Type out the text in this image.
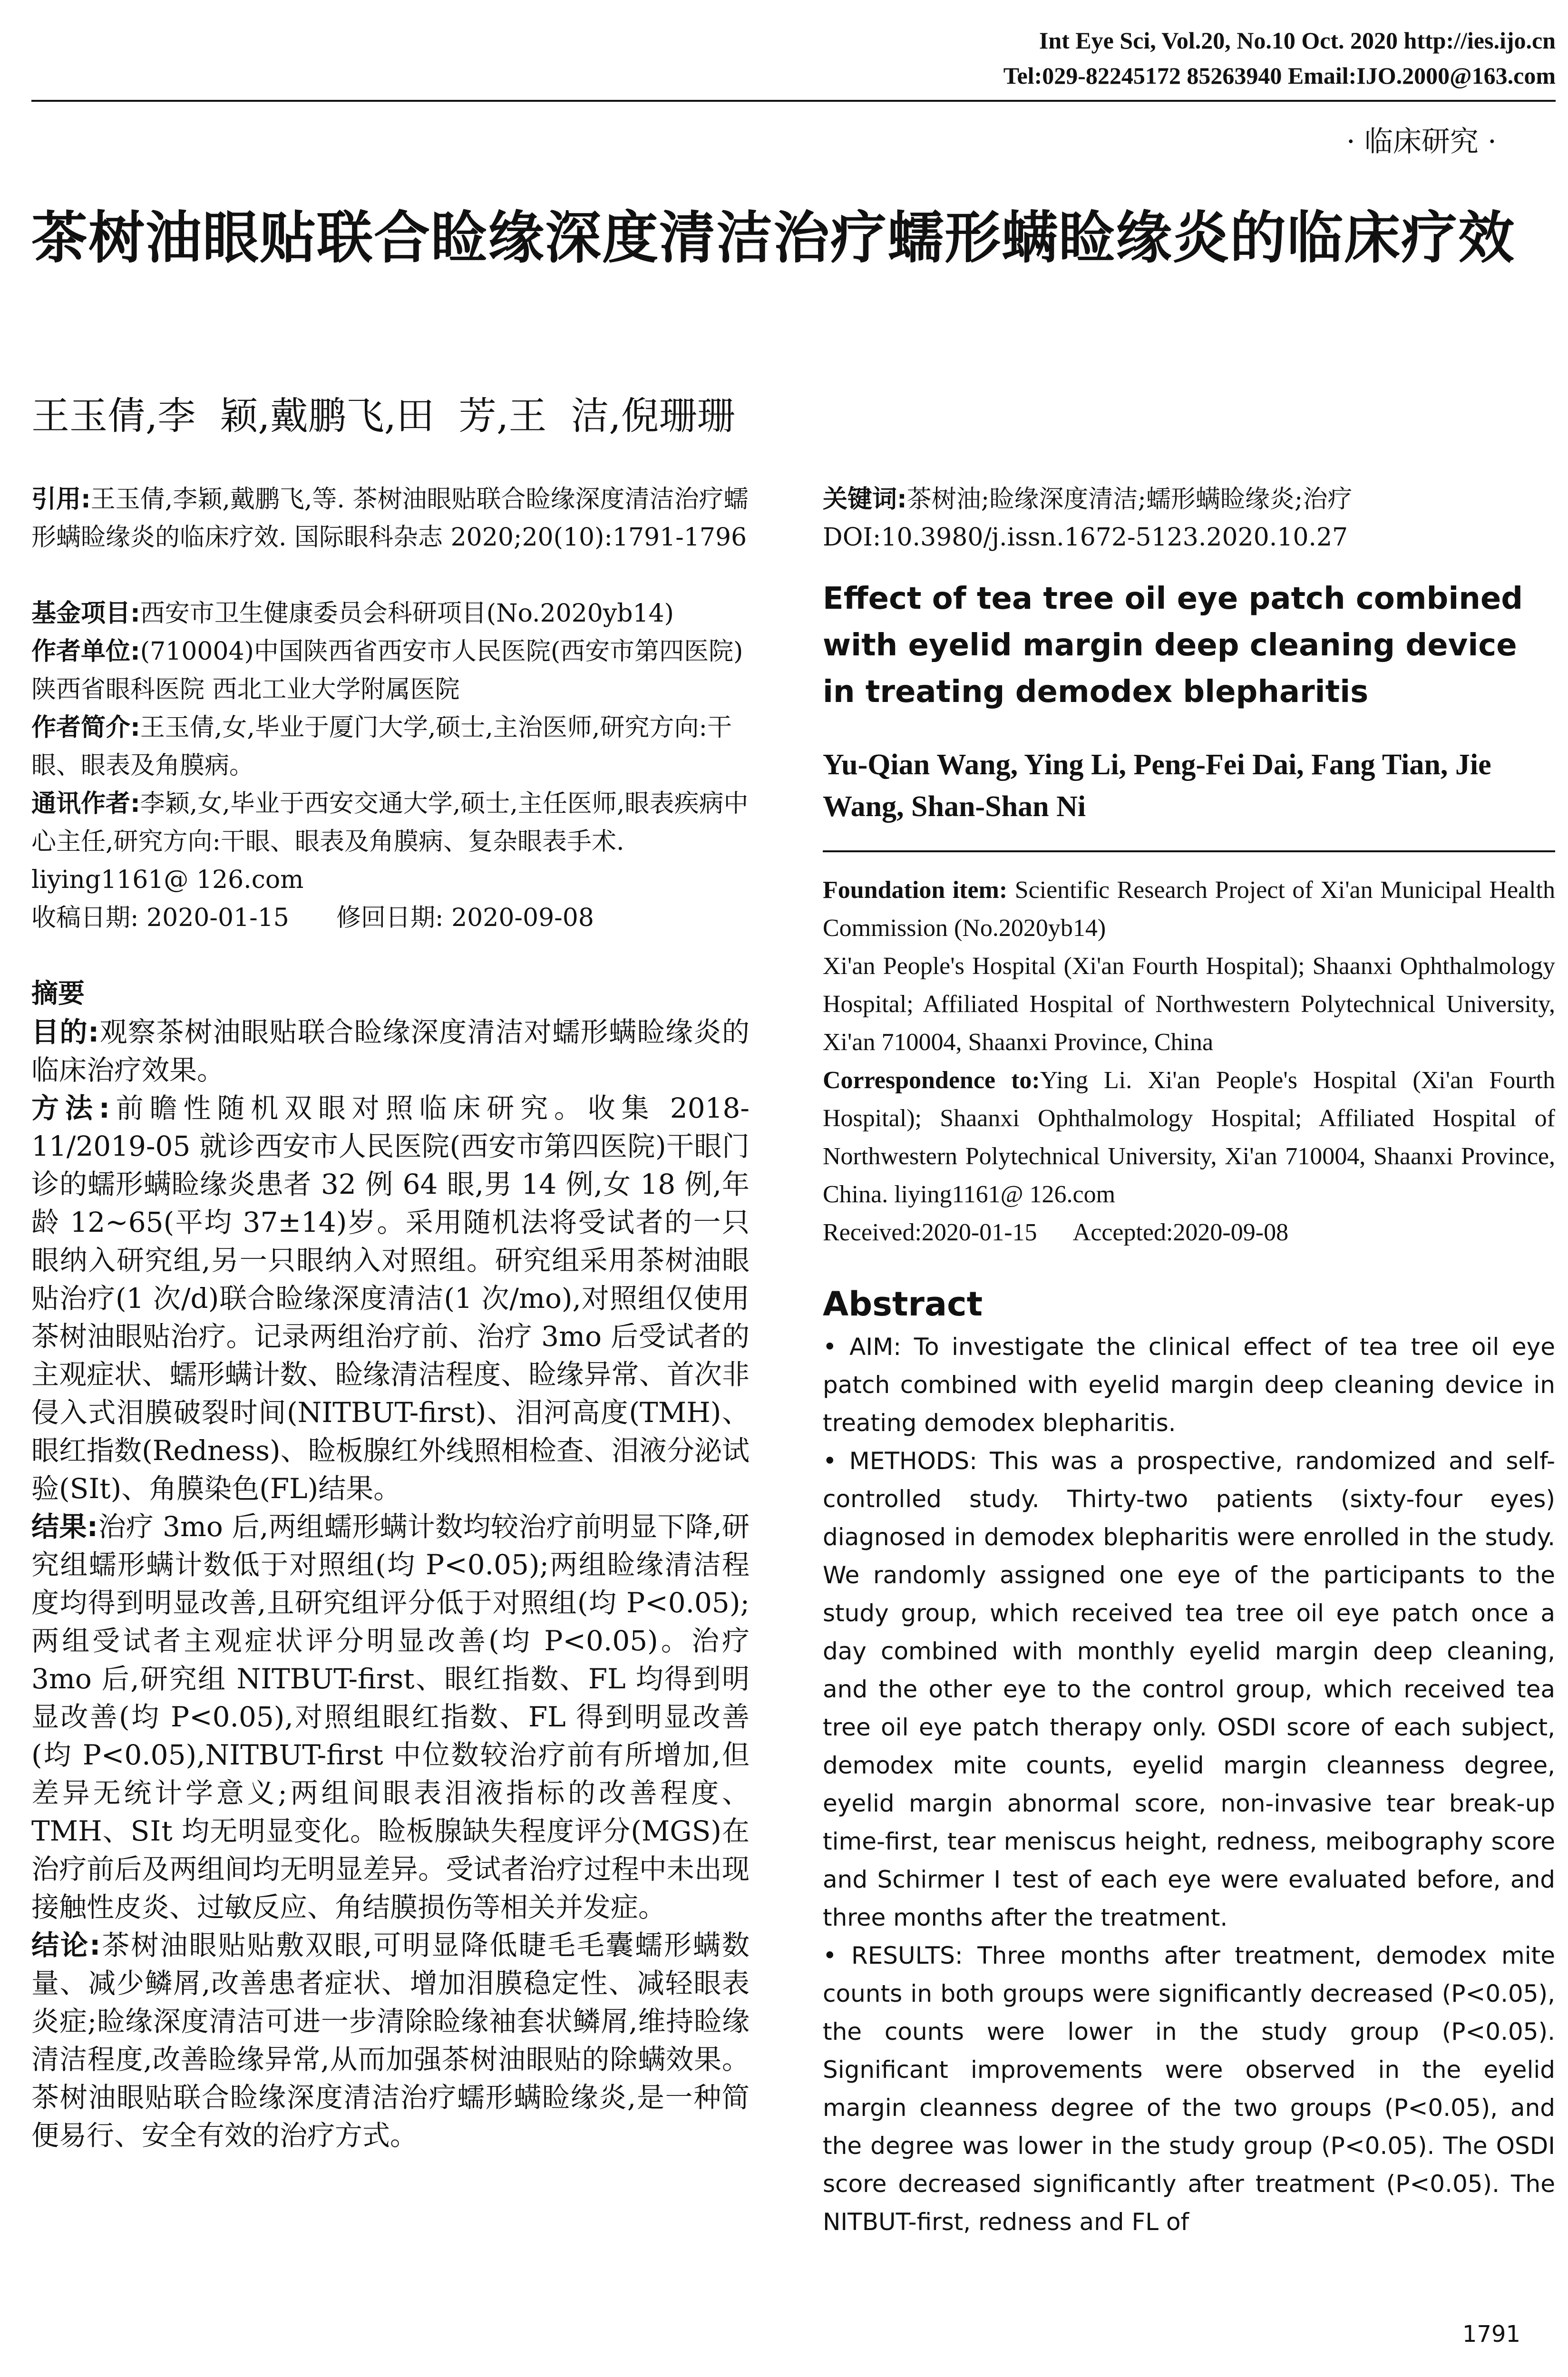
Int Eye Sci, Vol.20, No.10 Oct. 2020 http://ies.ijo.cn
Tel:029-82245172 85263940 Email:IJO.2000@163.com
· 临床研究 ·
茶树油眼贴联合睑缘深度清洁治疗蠕形螨睑缘炎的临床疗效
王玉倩,李  颖,戴鹏飞,田  芳,王  洁,倪珊珊

引用:王玉倩,李颖,戴鹏飞,等. 茶树油眼贴联合睑缘深度清洁治疗蠕形螨睑缘炎的临床疗效. 国际眼科杂志 2020;20(10):1791-1796

基金项目:西安市卫生健康委员会科研项目(No.2020yb14)

作者单位:(710004)中国陕西省西安市人民医院(西安市第四医院)陕西省眼科医院 西北工业大学附属医院

作者简介:王玉倩,女,毕业于厦门大学,硕士,主治医师,研究方向:干眼、眼表及角膜病。

通讯作者:李颖,女,毕业于西安交通大学,硕士,主任医师,眼表疾病中心主任,研究方向:干眼、眼表及角膜病、复杂眼表手术. liying1161@ 126.com

收稿日期: 2020-01-15      修回日期: 2020-09-08

摘要

目的:观察茶树油眼贴联合睑缘深度清洁对蠕形螨睑缘炎的临床治疗效果。

方法:前瞻性随机双眼对照临床研究。收集 2018-11/2019-05 就诊西安市人民医院(西安市第四医院)干眼门诊的蠕形螨睑缘炎患者 32 例 64 眼,男 14 例,女 18 例,年龄 12~65(平均 37±14)岁。采用随机法将受试者的一只眼纳入研究组,另一只眼纳入对照组。研究组采用茶树油眼贴治疗(1 次/d)联合睑缘深度清洁(1 次/mo),对照组仅使用茶树油眼贴治疗。记录两组治疗前、治疗 3mo 后受试者的主观症状、蠕形螨计数、睑缘清洁程度、睑缘异常、首次非侵入式泪膜破裂时间(NITBUT-first)、泪河高度(TMH)、眼红指数(Redness)、睑板腺红外线照相检查、泪液分泌试验(SⅠt)、角膜染色(FL)结果。

结果:治疗 3mo 后,两组蠕形螨计数均较治疗前明显下降,研究组蠕形螨计数低于对照组(均 P<0.05);两组睑缘清洁程度均得到明显改善,且研究组评分低于对照组(均 P<0.05);两组受试者主观症状评分明显改善(均 P<0.05)。治疗 3mo 后,研究组 NITBUT-first、眼红指数、FL 均得到明显改善(均 P<0.05),对照组眼红指数、FL 得到明显改善(均 P<0.05),NITBUT-first 中位数较治疗前有所增加,但差异无统计学意义;两组间眼表泪液指标的改善程度、TMH、SⅠt 均无明显变化。睑板腺缺失程度评分(MGS)在治疗前后及两组间均无明显差异。受试者治疗过程中未出现接触性皮炎、过敏反应、角结膜损伤等相关并发症。

结论:茶树油眼贴贴敷双眼,可明显降低睫毛毛囊蠕形螨数量、减少鳞屑,改善患者症状、增加泪膜稳定性、减轻眼表炎症;睑缘深度清洁可进一步清除睑缘袖套状鳞屑,维持睑缘清洁程度,改善睑缘异常,从而加强茶树油眼贴的除螨效果。茶树油眼贴联合睑缘深度清洁治疗蠕形螨睑缘炎,是一种简便易行、安全有效的治疗方式。

关键词:茶树油;睑缘深度清洁;蠕形螨睑缘炎;治疗

DOI:10.3980/j.issn.1672-5123.2020.10.27

Effect of tea tree oil eye patch combined with eyelid margin deep cleaning device in treating demodex blepharitis
Yu-Qian Wang, Ying Li, Peng-Fei Dai, Fang Tian, Jie Wang, Shan-Shan Ni

Foundation item: Scientific Research Project of Xi'an Municipal Health Commission (No.2020yb14)

Xi'an People's Hospital (Xi'an Fourth Hospital); Shaanxi Ophthalmology Hospital; Affiliated Hospital of Northwestern Polytechnical University, Xi'an 710004, Shaanxi Province, China

Correspondence to:Ying Li. Xi'an People's Hospital (Xi'an Fourth Hospital); Shaanxi Ophthalmology Hospital; Affiliated Hospital of Northwestern Polytechnical University, Xi'an 710004, Shaanxi Province, China. liying1161@ 126.com

Received:2020-01-15      Accepted:2020-09-08

Abstract

• AIM: To investigate the clinical effect of tea tree oil eye patch combined with eyelid margin deep cleaning device in treating demodex blepharitis.

• METHODS: This was a prospective, randomized and self-controlled study. Thirty-two patients (sixty-four eyes) diagnosed in demodex blepharitis were enrolled in the study. We randomly assigned one eye of the participants to the study group, which received tea tree oil eye patch once a day combined with monthly eyelid margin deep cleaning, and the other eye to the control group, which received tea tree oil eye patch therapy only. OSDI score of each subject, demodex mite counts, eyelid margin cleanness degree, eyelid margin abnormal score, non-invasive tear break-up time-first, tear meniscus height, redness, meibography score and Schirmer Ⅰ test of each eye were evaluated before, and three months after the treatment.

• RESULTS: Three months after treatment, demodex mite counts in both groups were significantly decreased (P<0.05), the counts were lower in the study group (P<0.05). Significant improvements were observed in the eyelid margin cleanness degree of the two groups (P<0.05), and the degree was lower in the study group (P<0.05). The OSDI score decreased significantly after treatment (P<0.05). The NITBUT-first, redness and FL of

1791
